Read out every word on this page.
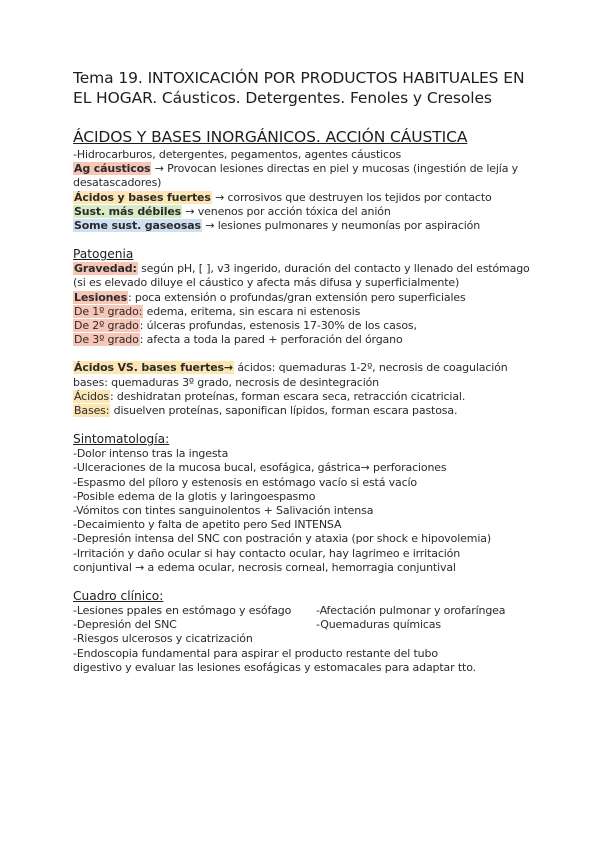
Tema 19. INTOXICACIÓN POR PRODUCTOS HABITUALES EN
EL HOGAR. Cáusticos. Detergentes. Fenoles y Cresoles
ÁCIDOS Y BASES INORGÁNICOS. ACCIÓN CÁUSTICA
-Hidrocarburos, detergentes, pegamentos, agentes cáusticos
Ag cáusticos → Provocan lesiones directas en piel y mucosas (ingestión de lejía y desatascadores)
Ácidos y bases fuertes → corrosivos que destruyen los tejidos por contacto
Sust. más débiles → venenos por acción tóxica del anión
Some sust. gaseosas → lesiones pulmonares y neumonías por aspiración
Patogenia
Gravedad: según pH, [ ], v3 ingerido, duración del contacto y llenado del estómago (si es elevado diluye el cáustico y afecta más difusa y superficialmente)
Lesiones: poca extensión o profundas/gran extensión pero superficiales
De 1º grado: edema, eritema, sin escara ni estenosis
De 2º grado: úlceras profundas, estenosis 17-30% de los casos,
De 3º grado: afecta a toda la pared + perforación del órgano
Ácidos VS. bases fuertes→ ácidos: quemaduras 1-2º, necrosis de coagulación
bases: quemaduras 3º grado, necrosis de desintegración
Ácidos: deshidratan proteínas, forman escara seca, retracción cicatricial.
Bases: disuelven proteínas, saponifican lípidos, forman escara pastosa.
Sintomatología:
-Dolor intenso tras la ingesta
-Ulceraciones de la mucosa bucal, esofágica, gástrica→ perforaciones
-Espasmo del píloro y estenosis en estómago vacío si está vacío
-Posible edema de la glotis y laringoespasmo
-Vómitos con tintes sanguinolentos + Salivación intensa
-Decaimiento y falta de apetito pero Sed INTENSA
-Depresión intensa del SNC con postración y ataxia (por shock e hipovolemia)
-Irritación y daño ocular si hay contacto ocular, hay lagrimeo e irritación
conjuntival → a edema ocular, necrosis corneal, hemorragia conjuntival
Cuadro clínico:
-Lesiones ppales en estómago y esófago	-Afectación pulmonar y orofaríngea
-Depresión del SNC	-Quemaduras químicas
-Riesgos ulcerosos y cicatrización
-Endoscopia fundamental para aspirar el producto restante del tubo
digestivo y evaluar las lesiones esofágicas y estomacales para adaptar tto.
